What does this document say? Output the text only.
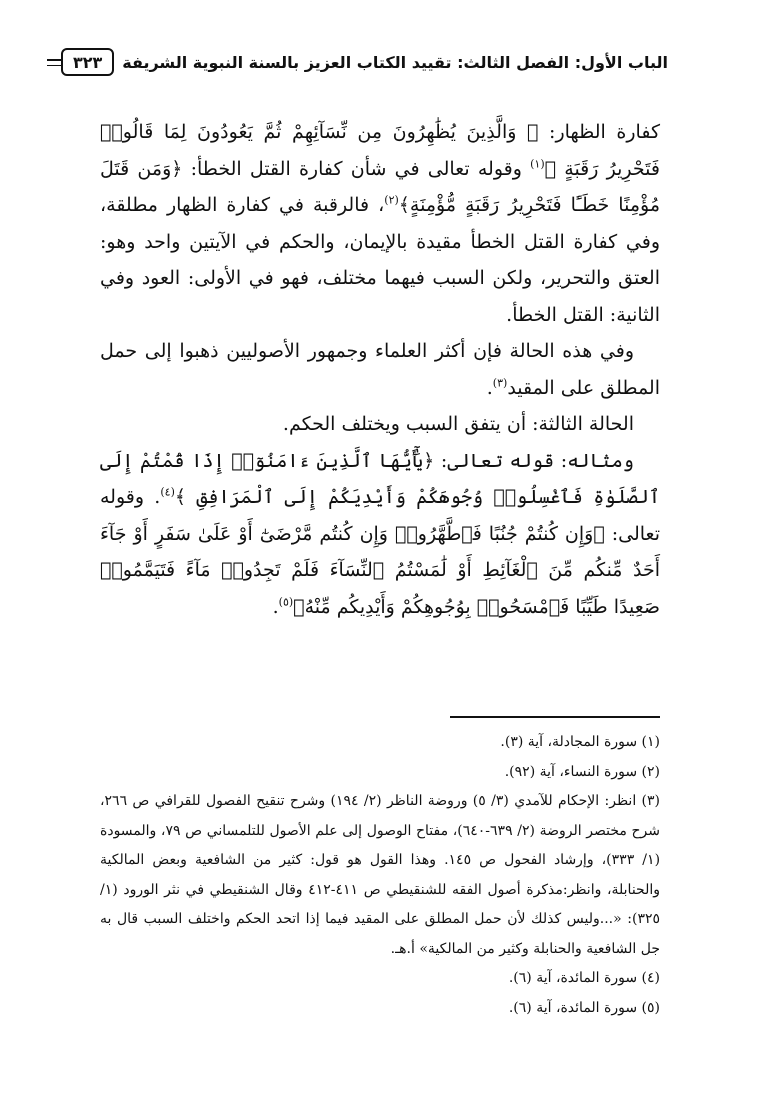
الباب الأول: الفصل الثالث: تقييد الكتاب العزيز بالسنة النبوية الشريفة
٣٢٣

كفارة الظهار: ﴿ وَالَّذِينَ يُظَٰهِرُونَ مِن نِّسَآئِهِمْ ثُمَّ يَعُودُونَ لِمَا قَالُوا۟ فَتَحْرِيرُ رَقَبَةٍ ﴾$^{(١)}$ وقوله تعالى في شأن كفارة القتل الخطأ: ﴿وَمَن قَتَلَ مُؤْمِنًا خَطَـًٔا فَتَحْرِيرُ رَقَبَةٍ مُّؤْمِنَةٍ﴾$^{(٢)}$، فالرقبة في كفارة الظهار مطلقة، وفي كفارة القتل الخطأ مقيدة بالإيمان، والحكم في الآيتين واحد وهو: العتق والتحرير، ولكن السبب فيهما مختلف، فهو في الأولى: العود وفي الثانية: القتل الخطأ.

وفي هذه الحالة فإن أكثر العلماء وجمهور الأصوليين ذهبوا إلى حمل المطلق على المقيد$^{(٣)}$.

الحالة الثالثة: أن يتفق السبب ويختلف الحكم.

ومثاله: قوله تعالى: ﴿يَٰٓأَيُّهَا ٱلَّذِينَ ءَامَنُوٓا۟ إِذَا قُمْتُمْ إِلَى ٱلصَّلَوٰةِ فَٱغْسِلُوا۟ وُجُوهَكُمْ وَأَيْدِيَكُمْ إِلَى ٱلْمَرَافِقِ ﴾$^{(٤)}$. وقوله تعالى: ﴿وَإِن كُنتُمْ جُنُبًا فَٱطَّهَّرُوا۟ وَإِن كُنتُم مَّرْضَىٰٓ أَوْ عَلَىٰ سَفَرٍ أَوْ جَآءَ أَحَدٌ مِّنكُم مِّنَ ٱلْغَآئِطِ أَوْ لَٰمَسْتُمُ ٱلنِّسَآءَ فَلَمْ تَجِدُوا۟ مَآءً فَتَيَمَّمُوا۟ صَعِيدًا طَيِّبًا فَٱمْسَحُوا۟ بِوُجُوهِكُمْ وَأَيْدِيكُم مِّنْهُ﴾$^{(٥)}$.

(١) سورة المجادلة، آية (٣).

(٢) سورة النساء، آية (٩٢).

(٣) انظر: الإحكام للآمدي (٣/ ٥) وروضة الناظر (٢/ ١٩٤) وشرح تنقيح الفصول للقرافي ص ٢٦٦، شرح مختصر الروضة (٢/ ٦٣٩-٦٤٠)، مفتاح الوصول إلى علم الأصول للتلمساني ص ٧٩، والمسودة (١/ ٣٣٣)، وإرشاد الفحول ص ١٤٥. وهذا القول هو قول: كثير من الشافعية وبعض المالكية والحنابلة، وانظر:مذكرة أصول الفقه للشنقيطي ص ٤١١-٤١٢ وقال الشنقيطي في نثر الورود (١/ ٣٢٥): «...وليس كذلك لأن حمل المطلق على المقيد فيما إذا اتحد الحكم واختلف السبب قال به جل الشافعية والحنابلة وكثير من المالكية» أ.هـ.

(٤) سورة المائدة، آية (٦).

(٥) سورة المائدة، آية (٦).
